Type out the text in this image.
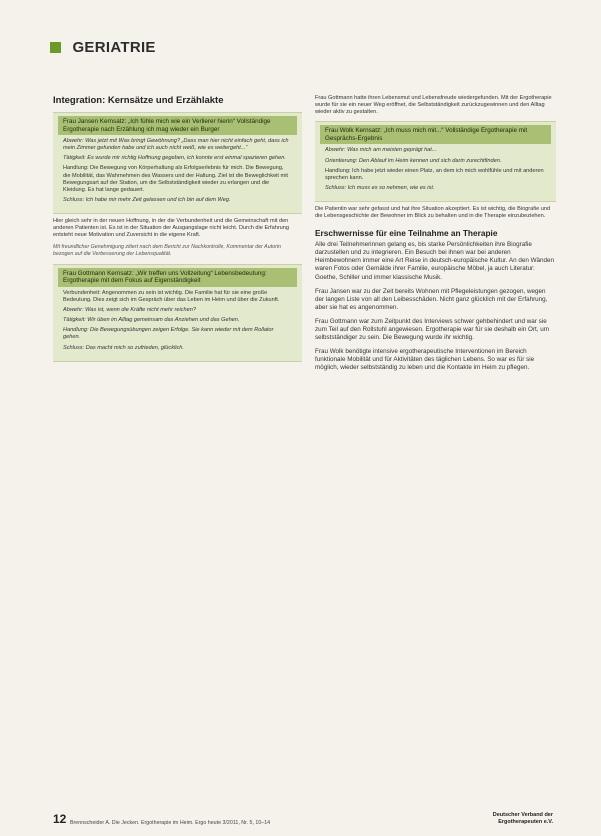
GERIATRIE
Integration: Kernsätze und Erzählakte
Frau Jansen Kernsatz: „Ich fühle mich wie ein Verlierer hierin“ Vollständige Ergotherapie nach Erzählung ich mag wieder ein Burger

Abwehr: Was jetzt mit Was bringt Gewöhnung? „Dass man hier nicht einfach geht, dass ich mein Zimmer gefunden habe und ich auch nicht weiß, wie es weitergeht...“

Tätigkeit: Es wurde mir richtig Hoffnung gegeben, ich konnte erst einmal spazieren gehen.

Handlung: Die Bewegung von Körperhaltung als Erfolgserlebnis für mich. Die Bewegung, die Mobilität, das Wahrnehmen des Wassers und der Haltung. Ziel ist die Beweglichkeit mit Bewegungsart auf der Station, um die Selbstständigkeit wieder zu erlangen und die Kleidung. Es hat lange gedauert.

Schluss: Ich habe mir mehr Zeit gelassen und ich bin auf dem Weg.

Hier gleich sehr in der neuen Hoffnung, in der die Verbundenheit und die Gemeinschaft mit den anderen Patienten ist. Es ist in der Situation der Ausgangslage nicht leicht. Durch die Erfahrung entsteht neue Motivation und Zuversicht in die eigene Kraft.

Mit freundlicher Genehmigung zitiert nach dem Bericht zur Nachkontrolle, Kommentar der Autorin bezogen auf die Verbesserung der Lebensqualität.

Frau Gottmann Kernsatz: „Wir treffen uns Vollzeitung“ Lebensbedeutung: Ergotherapie mit dem Fokus auf Eigenständigkeit

Verbundenheit: Angenommen zu sein ist wichtig. Die Familie hat für sie eine große Bedeutung. Dies zeigt sich im Gespräch über das Leben im Heim und über die Zukunft.

Abwehr: Was ist, wenn die Kräfte nicht mehr reichen?

Tätigkeit: Wir üben im Alltag gemeinsam das Anziehen und das Gehen.

Handlung: Die Bewegungsübungen zeigen Erfolge. Sie kann wieder mit dem Rollator gehen.

Schluss: Das macht mich so zufrieden, glücklich.

Frau Gottmann hatte ihren Lebensmut und Lebensfreude wiedergefunden. Mit der Ergotherapie wurde für sie ein neuer Weg eröffnet, die Selbstständigkeit zurückzugewinnen und den Alltag wieder aktiv zu gestalten.

Frau Wolk Kernsatz: „Ich muss mich mit...“ Vollständige Ergotherapie mit Gesprächs-Ergebnis

Abwehr: Was mich am meisten geprägt hat...

Orientierung: Den Ablauf im Heim kennen und sich darin zurechtfinden.

Handlung: Ich habe jetzt wieder einen Platz, an dem ich mich wohlfühle und mit anderen sprechen kann.

Schluss: Ich muss es so nehmen, wie es ist.

Die Patientin war sehr gefasst und hat ihre Situation akzeptiert. Es ist wichtig, die Biografie und die Lebensgeschichte der Bewohner im Blick zu behalten und in die Therapie einzubeziehen.

Erschwernisse für eine Teilnahme an Therapie

Alle drei Teilnehmerinnen gelang es, bis starke Persönlichkeiten ihre Biografie darzustellen und zu integrieren. Ein Besuch bei ihnen war bei anderen Heimbewohnern immer eine Art Reise in deutsch-europäische Kultur. An den Wänden waren Fotos oder Gemälde ihrer Familie, europäische Möbel, ja auch Literatur: Goethe, Schiller und immer klassische Musik.

Frau Jansen war zu der Zeit bereits Wohnen mit Pflegeleistungen gezogen, wegen der langen Liste von all den Leibesschäden. Nicht ganz glücklich mit der Erfahrung, aber sie hat es angenommen.

Frau Gottmann war zum Zeitpunkt des Interviews schwer gehbehindert und war sie zum Teil auf den Rollstuhl angewiesen. Ergotherapie war für sie deshalb ein Ort, um selbstständiger zu sein. Die Bewegung wurde ihr wichtig.

Frau Wolk benötigte intensive ergotherapeutische Interventionen im Bereich funktionale Mobilität und für Aktivitäten des täglichen Lebens. So war es für sie möglich, wieder selbstständig zu leben und die Kontakte im Heim zu pflegen.

12 Brennscheider A. Die Jecken. Ergotherapie im Heim. Ergo heute 3/2011, Nr. 5, 10–14
Deutscher Verband der
Ergotherapeuten e.V.
